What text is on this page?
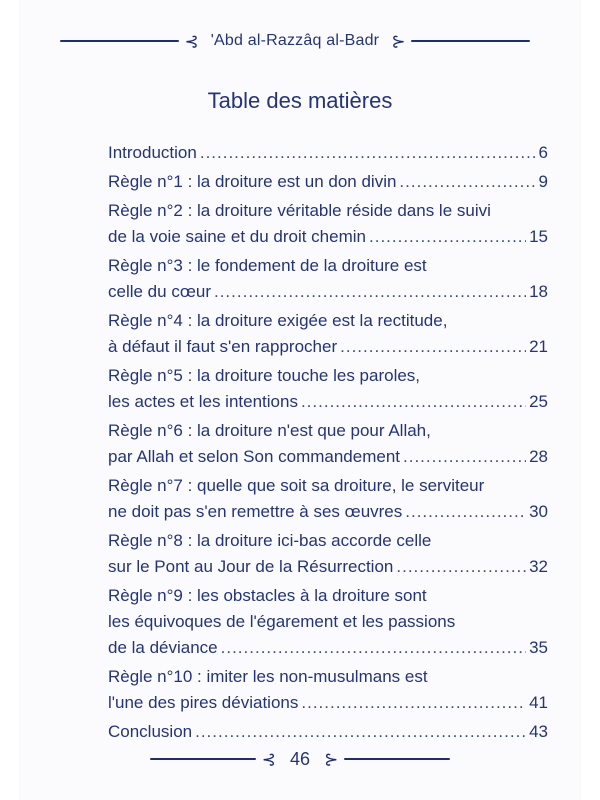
⊰ 'Abd al-Razzâq al-Badr ⊱
Table des matières
Introduction .....	6
Règle n°1 : la droiture est un don divin .....	9
Règle n°2 : la droiture véritable réside dans le suivi
de la voie saine et du droit chemin .....	15
Règle n°3 : le fondement de la droiture est
celle du cœur .....	18
Règle n°4 : la droiture exigée est la rectitude,
à défaut il faut s'en rapprocher .....	21
Règle n°5 : la droiture touche les paroles,
les actes et les intentions .....	25
Règle n°6 : la droiture n'est que pour Allah,
par Allah et selon Son commandement .....	28
Règle n°7 : quelle que soit sa droiture, le serviteur
ne doit pas s'en remettre à ses œuvres .....	30
Règle n°8 : la droiture ici-bas accorde celle
sur le Pont au Jour de la Résurrection .....	32
Règle n°9 : les obstacles à la droiture sont
les équivoques de l'égarement et les passions
de la déviance .....	35
Règle n°10 : imiter les non-musulmans est
l'une des pires déviations .....	41
Conclusion .....	43
⊰ 46 ⊱
